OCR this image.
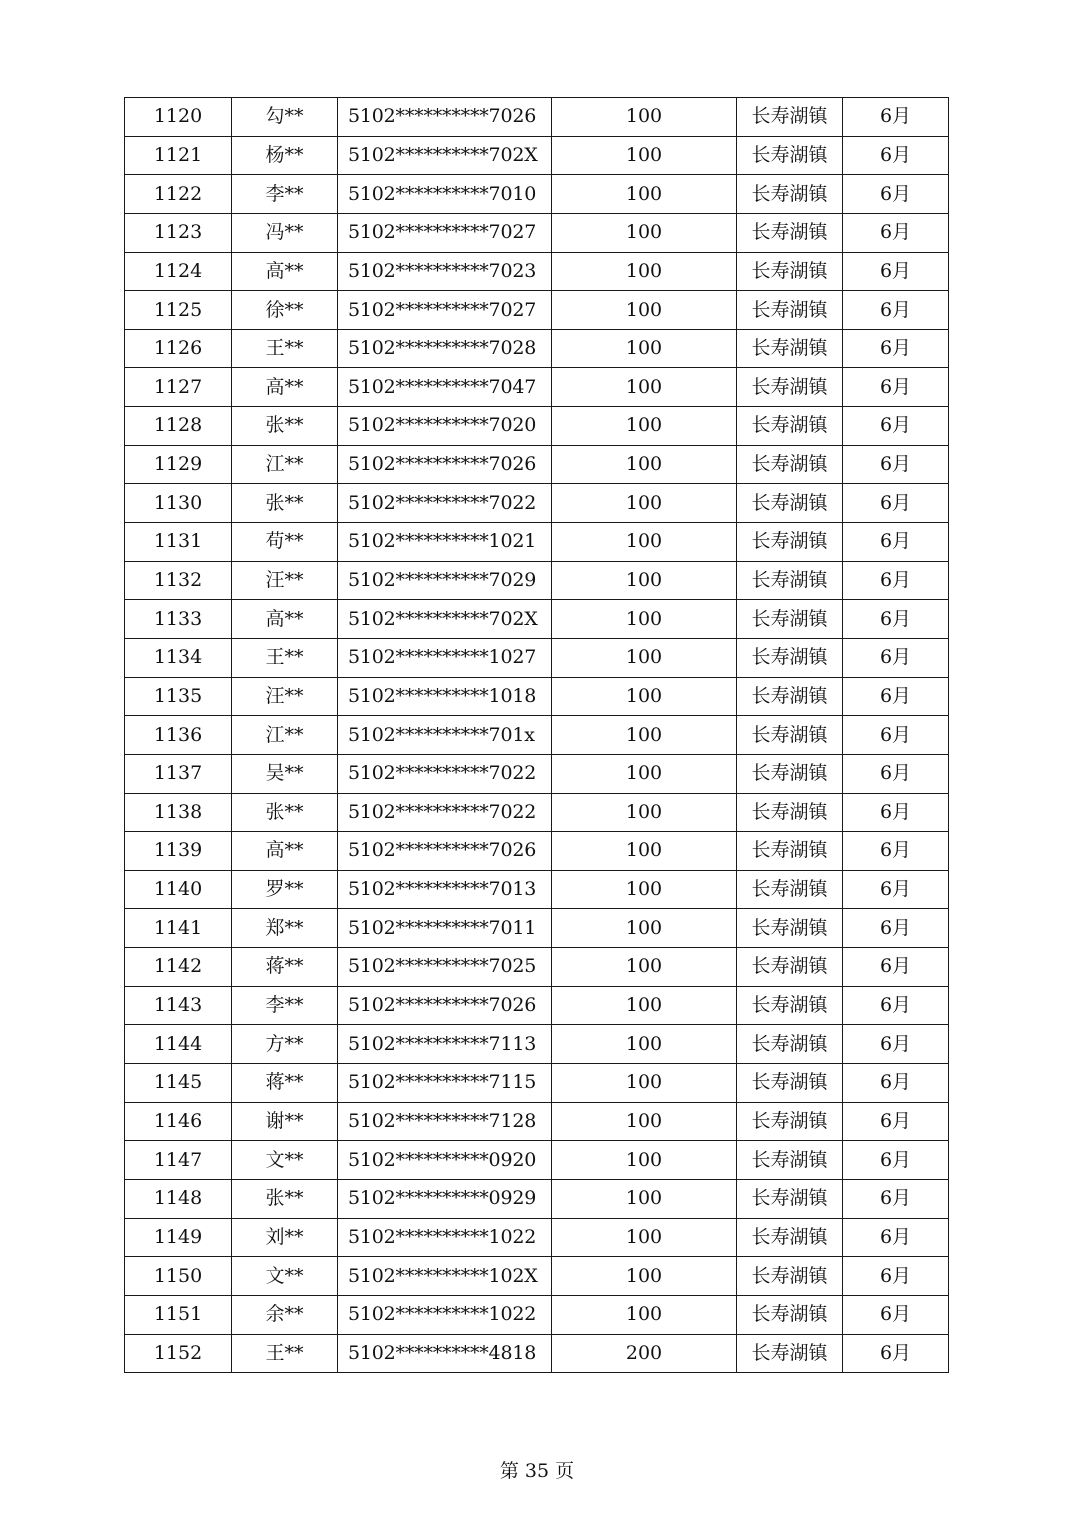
1120	勾**	5102**********7026	100	长寿湖镇	6月
1121	杨**	5102**********702X	100	长寿湖镇	6月
1122	李**	5102**********7010	100	长寿湖镇	6月
1123	冯**	5102**********7027	100	长寿湖镇	6月
1124	高**	5102**********7023	100	长寿湖镇	6月
1125	徐**	5102**********7027	100	长寿湖镇	6月
1126	王**	5102**********7028	100	长寿湖镇	6月
1127	高**	5102**********7047	100	长寿湖镇	6月
1128	张**	5102**********7020	100	长寿湖镇	6月
1129	江**	5102**********7026	100	长寿湖镇	6月
1130	张**	5102**********7022	100	长寿湖镇	6月
1131	苟**	5102**********1021	100	长寿湖镇	6月
1132	汪**	5102**********7029	100	长寿湖镇	6月
1133	高**	5102**********702X	100	长寿湖镇	6月
1134	王**	5102**********1027	100	长寿湖镇	6月
1135	汪**	5102**********1018	100	长寿湖镇	6月
1136	江**	5102**********701x	100	长寿湖镇	6月
1137	吴**	5102**********7022	100	长寿湖镇	6月
1138	张**	5102**********7022	100	长寿湖镇	6月
1139	高**	5102**********7026	100	长寿湖镇	6月
1140	罗**	5102**********7013	100	长寿湖镇	6月
1141	郑**	5102**********7011	100	长寿湖镇	6月
1142	蒋**	5102**********7025	100	长寿湖镇	6月
1143	李**	5102**********7026	100	长寿湖镇	6月
1144	方**	5102**********7113	100	长寿湖镇	6月
1145	蒋**	5102**********7115	100	长寿湖镇	6月
1146	谢**	5102**********7128	100	长寿湖镇	6月
1147	文**	5102**********0920	100	长寿湖镇	6月
1148	张**	5102**********0929	100	长寿湖镇	6月
1149	刘**	5102**********1022	100	长寿湖镇	6月
1150	文**	5102**********102X	100	长寿湖镇	6月
1151	余**	5102**********1022	100	长寿湖镇	6月
1152	王**	5102**********4818	200	长寿湖镇	6月
第 35 页
